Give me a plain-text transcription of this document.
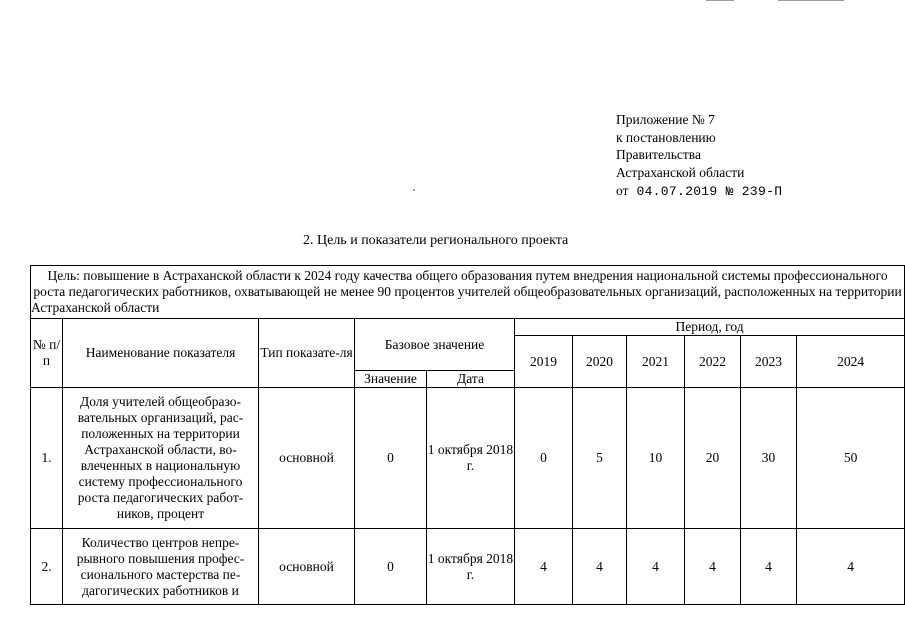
Приложение № 7
к постановлению
Правительства
Астраханской области
от 04.07.2019 № 239-П
2. Цель и показатели регионального проекта
Цель: повышение в Астраханской области к 2024 году качества общего образования путем внедрения национальной системы профессионального роста педагогических работников, охватывающей не менее 90 процентов учителей общеобразовательных организаций, расположенных на территории Астраханской области										
№ п/п	Наименование показателя	Тип показате-ля	Базовое значение		Период, год					
					2019	2020	2021	2022	2023	2024
			Значение	Дата						
1.	Доля учителей общеобразо-вательных организаций, рас-положенных на территории Астраханской области, во-влеченных в национальную систему профессионального роста педагогических работ-ников, процент	основной	0	1 октября 2018 г.	0	5	10	20	30	50
2.	Количество центров непре-рывного повышения профес-сионального мастерства пе-дагогических работников и	основной	0	1 октября 2018 г.	4	4	4	4	4	4
